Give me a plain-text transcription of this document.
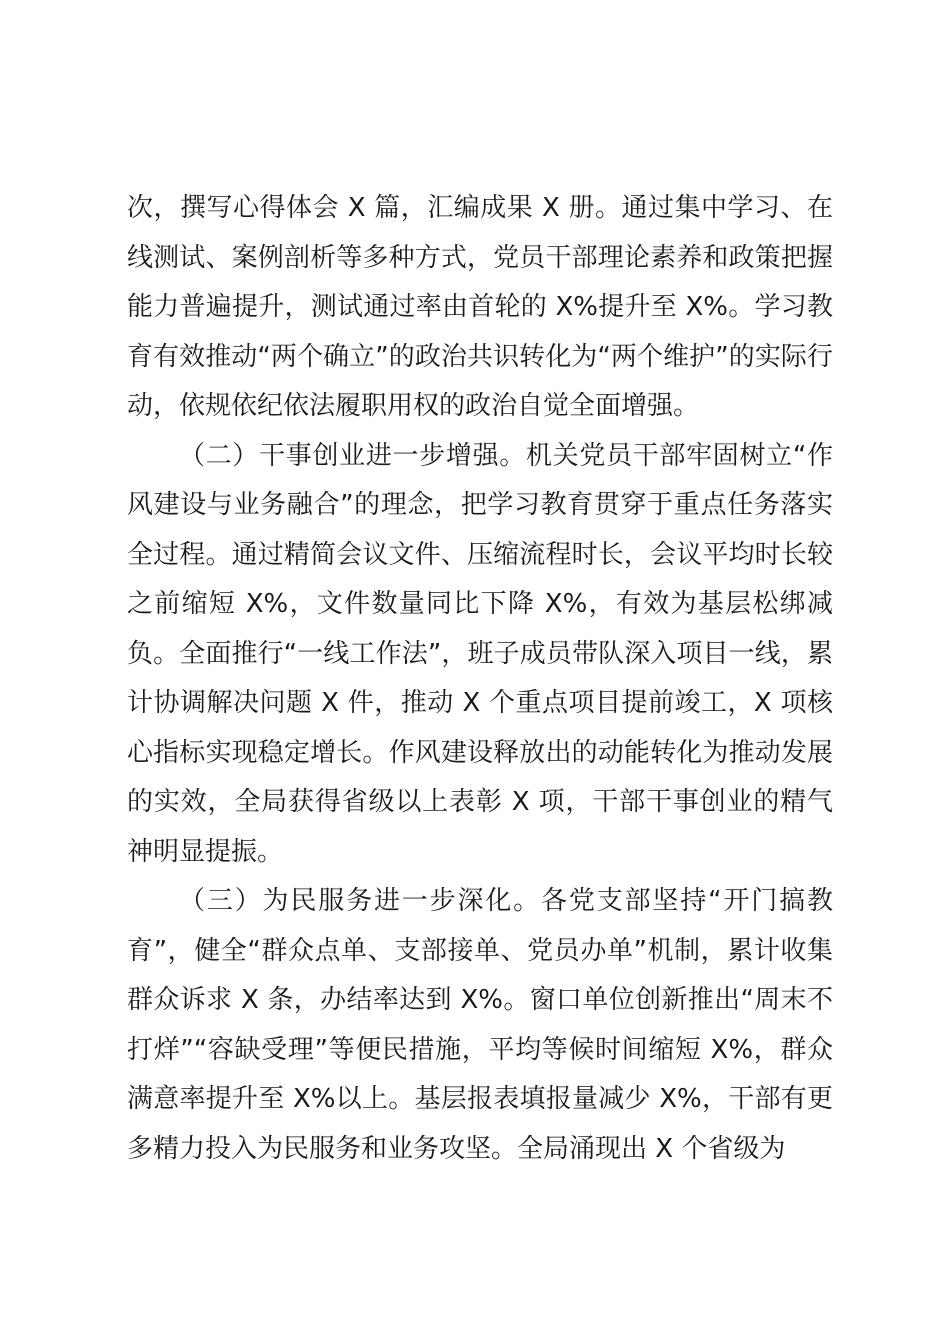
次，撰写心得体会 X 篇，汇编成果 X 册。通过集中学习、在线测试、案例剖析等多种方式，党员干部理论素养和政策把握能力普遍提升，测试通过率由首轮的 X%提升至 X%。学习教育有效推动“两个确立”的政治共识转化为“两个维护”的实际行动，依规依纪依法履职用权的政治自觉全面增强。

（二）干事创业进一步增强。机关党员干部牢固树立“作风建设与业务融合”的理念，把学习教育贯穿于重点任务落实全过程。通过精简会议文件、压缩流程时长，会议平均时长较之前缩短 X%，文件数量同比下降 X%，有效为基层松绑减负。全面推行“一线工作法”，班子成员带队深入项目一线，累计协调解决问题 X 件，推动 X 个重点项目提前竣工，X 项核心指标实现稳定增长。作风建设释放出的动能转化为推动发展的实效，全局获得省级以上表彰 X 项，干部干事创业的精气神明显提振。

（三）为民服务进一步深化。各党支部坚持“开门搞教育”，健全“群众点单、支部接单、党员办单”机制，累计收集群众诉求 X 条，办结率达到 X%。窗口单位创新推出“周末不打烊”“容缺受理”等便民措施，平均等候时间缩短 X%，群众满意率提升至 X%以上。基层报表填报量减少 X%，干部有更多精力投入为民服务和业务攻坚。全局涌现出 X 个省级为
